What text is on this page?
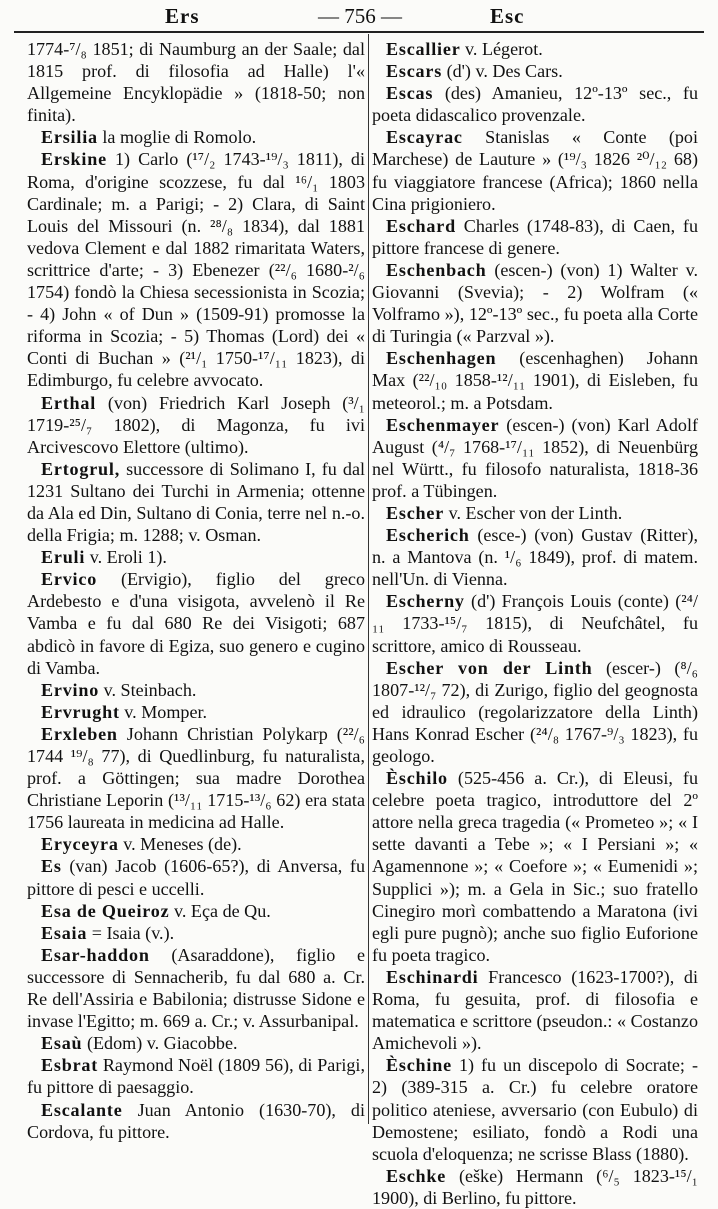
Ers	— 756 —	Esc

1774-⁷/₈ 1851; di Naumburg an der Saale; dal 1815 prof. di filosofia ad Halle) l'« Allgemeine Encyklopädie » (1818-50; non finita).

Ersilia la moglie di Romolo.

Erskine 1) Carlo (¹⁷/₂ 1743-¹⁹/₃ 1811), di Roma, d'origine scozzese, fu dal ¹⁶/₁ 1803 Cardinale; m. a Parigi; - 2) Clara, di Saint Louis del Missouri (n. ²⁸/₈ 1834), dal 1881 vedova Clement e dal 1882 rimaritata Waters, scrittrice d'arte; - 3) Ebenezer (²²/₆ 1680-²/₆ 1754) fondò la Chiesa secessionista in Scozia; - 4) John « of Dun » (1509-91) promosse la riforma in Scozia; - 5) Thomas (Lord) dei « Conti di Buchan » (²¹/₁ 1750-¹⁷/₁₁ 1823), di Edimburgo, fu celebre avvocato.

Erthal (von) Friedrich Karl Joseph (³/₁ 1719-²⁵/₇ 1802), di Magonza, fu ivi Arcivescovo Elettore (ultimo).

Ertogrul, successore di Solimano I, fu dal 1231 Sultano dei Turchi in Armenia; ottenne da Ala ed Din, Sultano di Conia, terre nel n.-o. della Frigia; m. 1288; v. Osman.

Eruli v. Eroli 1).

Ervico (Ervigio), figlio del greco Ardebesto e d'una visigota, avvelenò il Re Vamba e fu dal 680 Re dei Visigoti; 687 abdicò in favore di Egiza, suo genero e cugino di Vamba.

Ervino v. Steinbach.

Ervrught v. Momper.

Erxleben Johann Christian Polykarp (²²/₆ 1744 ¹⁹/₈ 77), di Quedlinburg, fu naturalista, prof. a Göttingen; sua madre Dorothea Christiane Leporin (¹³/₁₁ 1715-¹³/₆ 62) era stata 1756 laureata in medicina ad Halle.

Eryceyra v. Meneses (de).

Es (van) Jacob (1606-65?), di Anversa, fu pittore di pesci e uccelli.

Esa de Queiroz v. Eça de Qu.

Esaia = Isaia (v.).

Esar-haddon (Asaraddone), figlio e successore di Sennacherib, fu dal 680 a. Cr. Re dell'Assiria e Babilonia; distrusse Sidone e invase l'Egitto; m. 669 a. Cr.; v. Assurbanipal.

Esaù (Edom) v. Giacobbe.

Esbrat Raymond Noël (1809 56), di Parigi, fu pittore di paesaggio.

Escalante Juan Antonio (1630-70), di Cordova, fu pittore.

Escallier v. Légerot.

Escars (d') v. Des Cars.

Escas (des) Amanieu, 12º-13º sec., fu poeta didascalico provenzale.

Escayrac Stanislas « Conte (poi Marchese) de Lauture » (¹⁹/₃ 1826 ²⁰/₁₂ 68) fu viaggiatore francese (Africa); 1860 nella Cina prigioniero.

Eschard Charles (1748-83), di Caen, fu pittore francese di genere.

Eschenbach (escen-) (von) 1) Walter v. Giovanni (Svevia); - 2) Wolfram (« Volframo »), 12º-13º sec., fu poeta alla Corte di Turingia (« Parzval »).

Eschenhagen (escenhaghen) Johann Max (²²/₁₀ 1858-¹²/₁₁ 1901), di Eisleben, fu meteorol.; m. a Potsdam.

Eschenmayer (escen-) (von) Karl Adolf August (⁴/₇ 1768-¹⁷/₁₁ 1852), di Neuenbürg nel Württ., fu filosofo naturalista, 1818-36 prof. a Tübingen.

Escher v. Escher von der Linth.

Escherich (esce-) (von) Gustav (Ritter), n. a Mantova (n. ¹/₆ 1849), prof. di matem. nell'Un. di Vienna.

Escherny (d') François Louis (conte) (²⁴/₁₁ 1733-¹⁵/₇ 1815), di Neufchâtel, fu scrittore, amico di Rousseau.

Escher von der Linth (escer-) (⁸/₆ 1807-¹²/₇ 72), di Zurigo, figlio del geognosta ed idraulico (regolarizzatore della Linth) Hans Konrad Escher (²⁴/₈ 1767-⁹/₃ 1823), fu geologo.

Èschilo (525-456 a. Cr.), di Eleusi, fu celebre poeta tragico, introduttore del 2º attore nella greca tragedia (« Prometeo »; « I sette davanti a Tebe »; « I Persiani »; « Agamennone »; « Coefore »; « Eumenidi »; Supplici »); m. a Gela in Sic.; suo fratello Cinegiro morì combattendo a Maratona (ivi egli pure pugnò); anche suo figlio Euforione fu poeta tragico.

Eschinardi Francesco (1623-1700?), di Roma, fu gesuita, prof. di filosofia e matematica e scrittore (pseudon.: « Costanzo Amichevoli »).

Èschine 1) fu un discepolo di Socrate; - 2) (389-315 a. Cr.) fu celebre oratore politico ateniese, avversario (con Eubulo) di Demostene; esiliato, fondò a Rodi una scuola d'eloquenza; ne scrisse Blass (1880).

Eschke (eške) Hermann (⁶/₅ 1823-¹⁵/₁ 1900), di Berlino, fu pittore.
